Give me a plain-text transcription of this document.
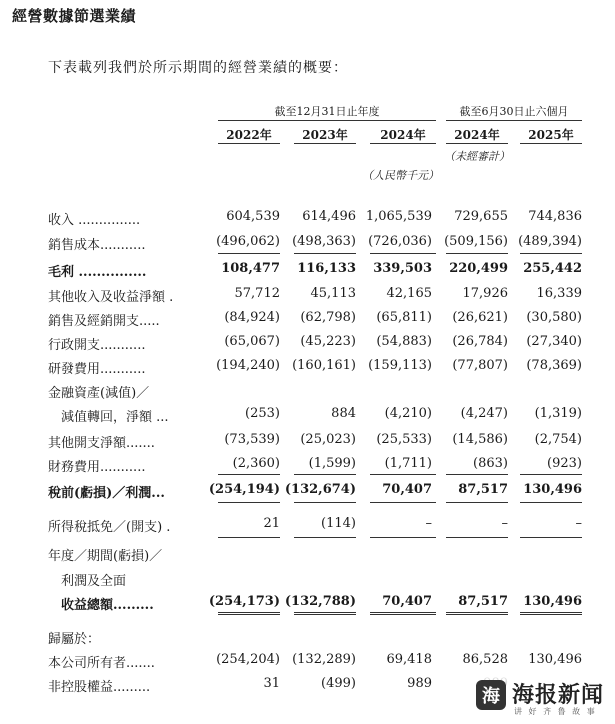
經營數據節選業績
下表載列我們於所示期間的經營業績的概要：
截至12月31日止年度	截至6月30日止六個月
2022年	2023年	2024年	2024年	2025年
（未經審計）
（人民幣千元）
收入 ...............	604,539	614,496 1,065,539	729,655	744,836
銷售成本...........	(496,062) (498,363) (726,036) (509,156) (489,394)
毛利 ...............	108,477	116,133	339,503	220,499	255,442
其他收入及收益淨額 .	57,712	45,113	42,165	17,926	16,339
銷售及經銷開支.....	(84,924)	(62,798)	(65,811)	(26,621)	(30,580)
行政開支...........	(65,067)	(45,223)	(54,883)	(26,784)	(27,340)
研發費用...........	(194,240) (160,161) (159,113)	(77,807)	(78,369)
金融資產(減值)／
　減值轉回，淨額 ...	(253)	884	(4,210)	(4,247)	(1,319)
其他開支淨額.......	(73,539)	(25,023)	(25,533)	(14,586)	(2,754)
財務費用...........	(2,360)	(1,599)	(1,711)	(863)	(923)
稅前(虧損)／利潤...	(254,194) (132,674)	70,407	87,517	130,496
所得稅抵免／(開支) .	21	(114)	–	–	–
年度／期間(虧損)／
　利潤及全面
　收益總額.........	(254,173) (132,788)	70,407	87,517	130,496
歸屬於：
本公司所有者.......	(254,204) (132,289)	69,418	86,528	130,496
非控股權益.........	31	(499)	989
海 海报新闻
讲 好 齐 鲁 故 事
